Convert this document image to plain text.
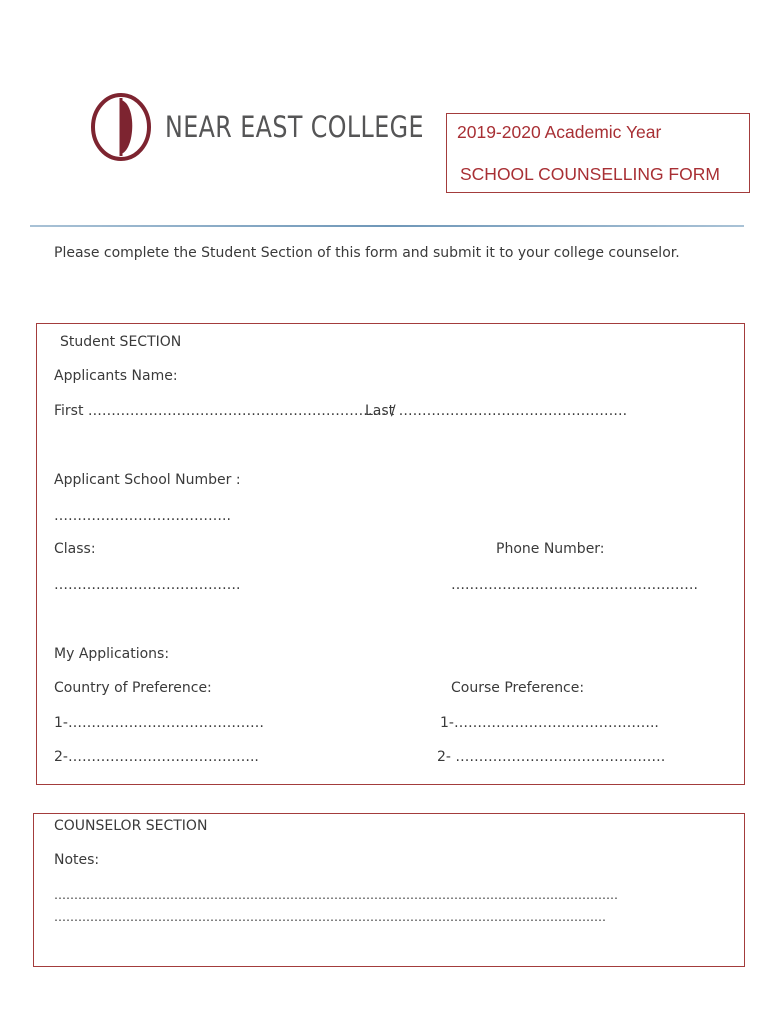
NEAR EAST COLLEGE 2019-2020 Academic Year
SCHOOL COUNSELLING FORM
Please complete the Student Section of this form and submit it to your college counselor.
Student SECTION
Applicants Name:
First ………………………………………………………. /
Last ………………………………………….
Applicant School Number :
………………………………..
Class:	Phone Number:
………………………………….	….………………………………………….
My Applications:
Country of Preference:	Course Preference:
1-……………………………………	1-……………………………………..
2-…………………………………..	2- ………………………………………
COUNSELOR SECTION
Notes:
……………………………………………………………………………………………………………………………
…………………………………………………………………………………………………………………………
